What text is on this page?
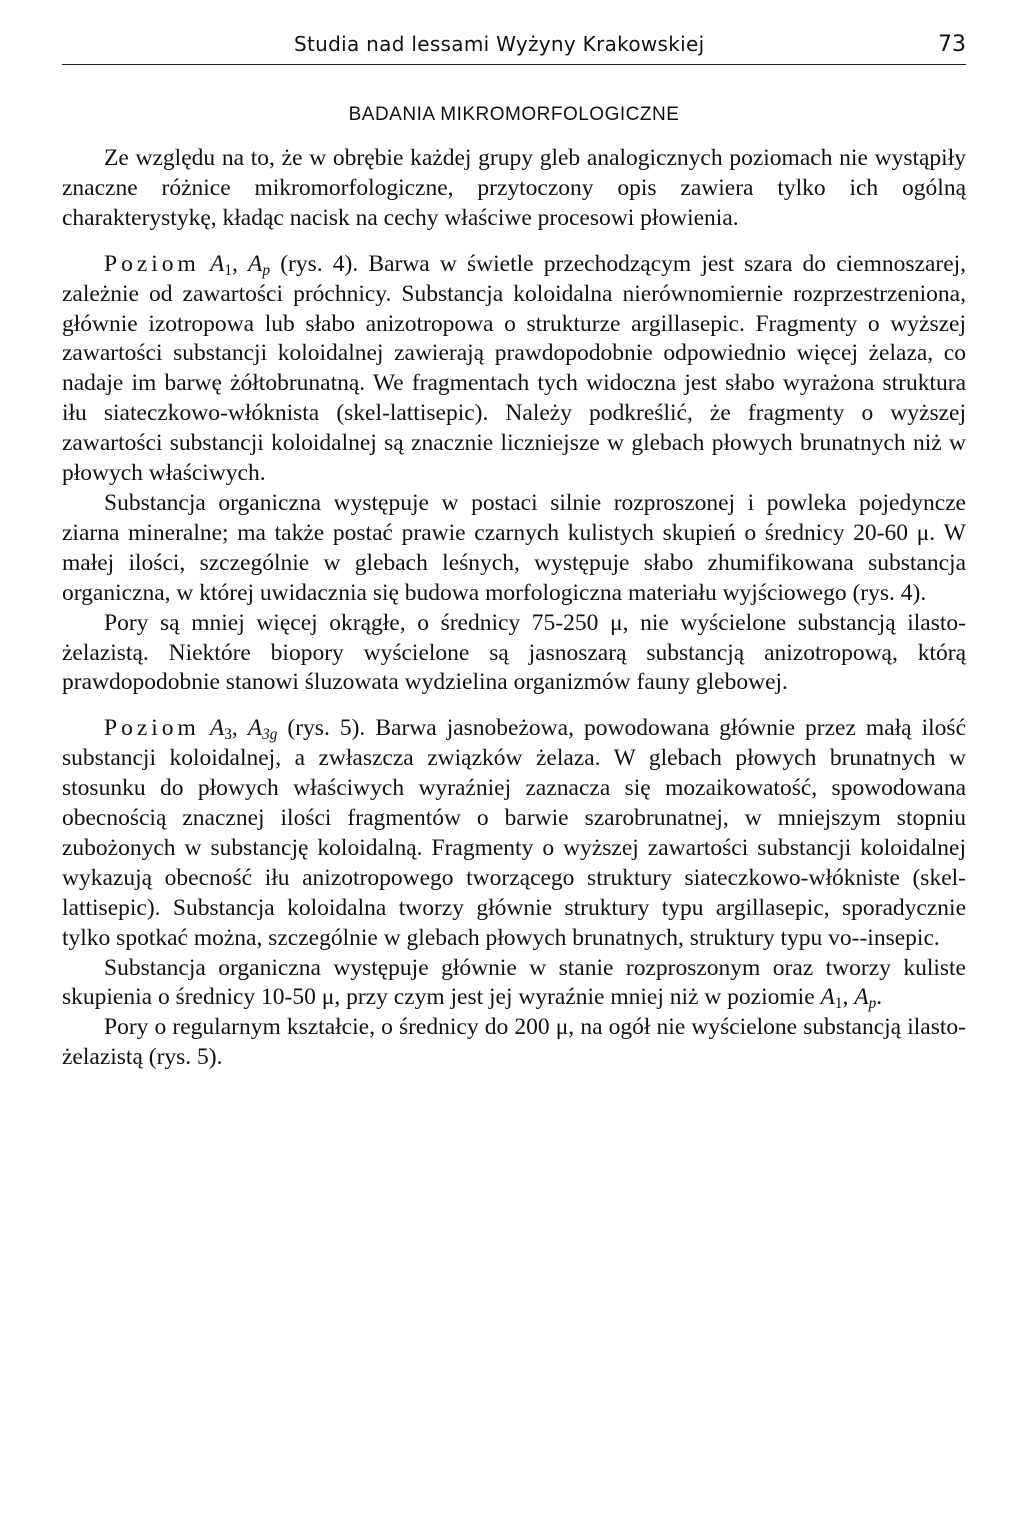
Studia nad lessami Wyżyny Krakowskiej	73
BADANIA MIKROMORFOLOGICZNE

Ze względu na to, że w obrębie każdej grupy gleb analogicznych poziomach nie wystąpiły znaczne różnice mikromorfologiczne, przytoczony opis zawiera tylko ich ogólną charakterystykę, kładąc nacisk na cechy właściwe procesowi płowienia.

Poziom $A_1$, $A_p$ (rys. 4). Barwa w świetle przechodzącym jest szara do ciemnoszarej, zależnie od zawartości próchnicy. Substancja koloidalna nierównomiernie rozprzestrzeniona, głównie izotropowa lub słabo anizotropowa o strukturze argillasepic. Fragmenty o wyższej zawartości substancji koloidalnej zawierają prawdopodobnie odpowiednio więcej żelaza, co nadaje im barwę żółtobrunatną. We fragmentach tych widoczna jest słabo wyrażona struktura iłu siateczkowo-włóknista (skel-lattisepic). Należy podkreślić, że fragmenty o wyższej zawartości substancji koloidalnej są znacznie liczniejsze w glebach płowych brunatnych niż w płowych właściwych.

Substancja organiczna występuje w postaci silnie rozproszonej i powleka pojedyncze ziarna mineralne; ma także postać prawie czarnych kulistych skupień o średnicy 20-60 μ. W małej ilości, szczególnie w glebach leśnych, występuje słabo zhumifikowana substancja organiczna, w której uwidacznia się budowa morfologiczna materiału wyjściowego (rys. 4).

Pory są mniej więcej okrągłe, o średnicy 75-250 μ, nie wyścielone substancją ilasto-żelazistą. Niektóre biopory wyścielone są jasnoszarą substancją anizotropową, którą prawdopodobnie stanowi śluzowata wydzielina organizmów fauny glebowej.

Poziom $A_3$, $A_{3g}$ (rys. 5). Barwa jasnobeżowa, powodowana głównie przez małą ilość substancji koloidalnej, a zwłaszcza związków żelaza. W glebach płowych brunatnych w stosunku do płowych właściwych wyraźniej zaznacza się mozaikowatość, spowodowana obecnością znacznej ilości fragmentów o barwie szarobrunatnej, w mniejszym stopniu zubożonych w substancję koloidalną. Fragmenty o wyższej zawartości substancji koloidalnej wykazują obecność iłu anizotropowego tworzącego struktury siateczkowo-włókniste (skel-lattisepic). Substancja koloidalna tworzy głównie struktury typu argillasepic, sporadycznie tylko spotkać można, szczególnie w glebach płowych brunatnych, struktury typu vo--insepic.

Substancja organiczna występuje głównie w stanie rozproszonym oraz tworzy kuliste skupienia o średnicy 10-50 μ, przy czym jest jej wyraźnie mniej niż w poziomie $A_1$, $A_p$.

Pory o regularnym kształcie, o średnicy do 200 μ, na ogół nie wyścielone substancją ilasto-żelazistą (rys. 5).
